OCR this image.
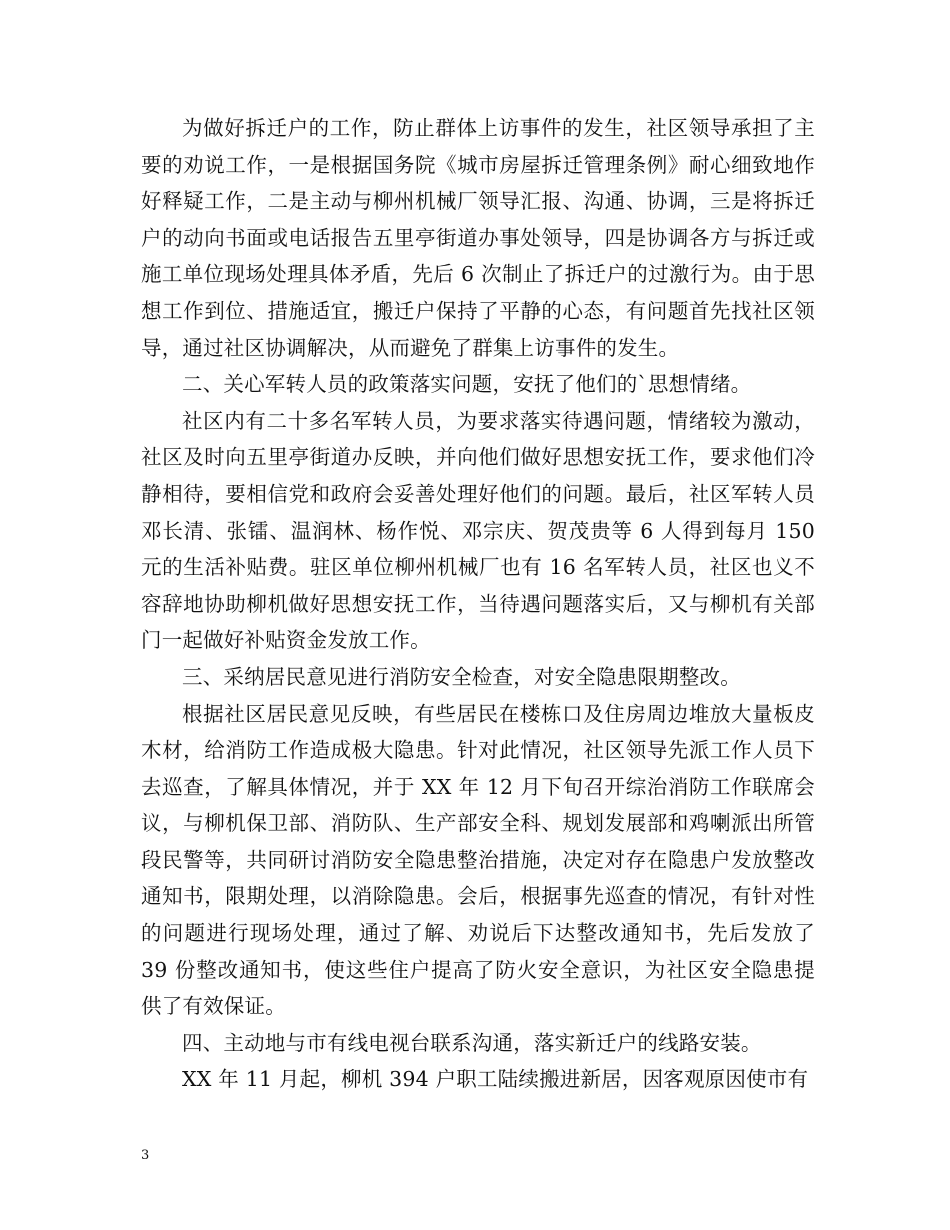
为做好拆迁户的工作，防止群体上访事件的发生，社区领导承担了主要的劝说工作，一是根据国务院《城市房屋拆迁管理条例》耐心细致地作好释疑工作，二是主动与柳州机械厂领导汇报、沟通、协调，三是将拆迁户的动向书面或电话报告五里亭街道办事处领导，四是协调各方与拆迁或施工单位现场处理具体矛盾，先后 6 次制止了拆迁户的过激行为。由于思想工作到位、措施适宜，搬迁户保持了平静的心态，有问题首先找社区领导，通过社区协调解决，从而避免了群集上访事件的发生。

二、关心军转人员的政策落实问题，安抚了他们的`思想情绪。

社区内有二十多名军转人员，为要求落实待遇问题，情绪较为激动，社区及时向五里亭街道办反映，并向他们做好思想安抚工作，要求他们冷静相待，要相信党和政府会妥善处理好他们的问题。最后，社区军转人员邓长清、张镭、温润林、杨作悦、邓宗庆、贺茂贵等 6 人得到每月 150 元的生活补贴费。驻区单位柳州机械厂也有 16 名军转人员，社区也义不容辞地协助柳机做好思想安抚工作，当待遇问题落实后，又与柳机有关部门一起做好补贴资金发放工作。

三、采纳居民意见进行消防安全检查，对安全隐患限期整改。

根据社区居民意见反映，有些居民在楼栋口及住房周边堆放大量板皮木材，给消防工作造成极大隐患。针对此情况，社区领导先派工作人员下去巡查，了解具体情况，并于 XX 年 12 月下旬召开综治消防工作联席会议，与柳机保卫部、消防队、生产部安全科、规划发展部和鸡喇派出所管段民警等，共同研讨消防安全隐患整治措施，决定对存在隐患户发放整改通知书，限期处理，以消除隐患。会后，根据事先巡查的情况，有针对性的问题进行现场处理，通过了解、劝说后下达整改通知书，先后发放了 39 份整改通知书，使这些住户提高了防火安全意识，为社区安全隐患提供了有效保证。

四、主动地与市有线电视台联系沟通，落实新迁户的线路安装。

XX 年 11 月起，柳机 394 户职工陆续搬进新居，因客观原因使市有

3
